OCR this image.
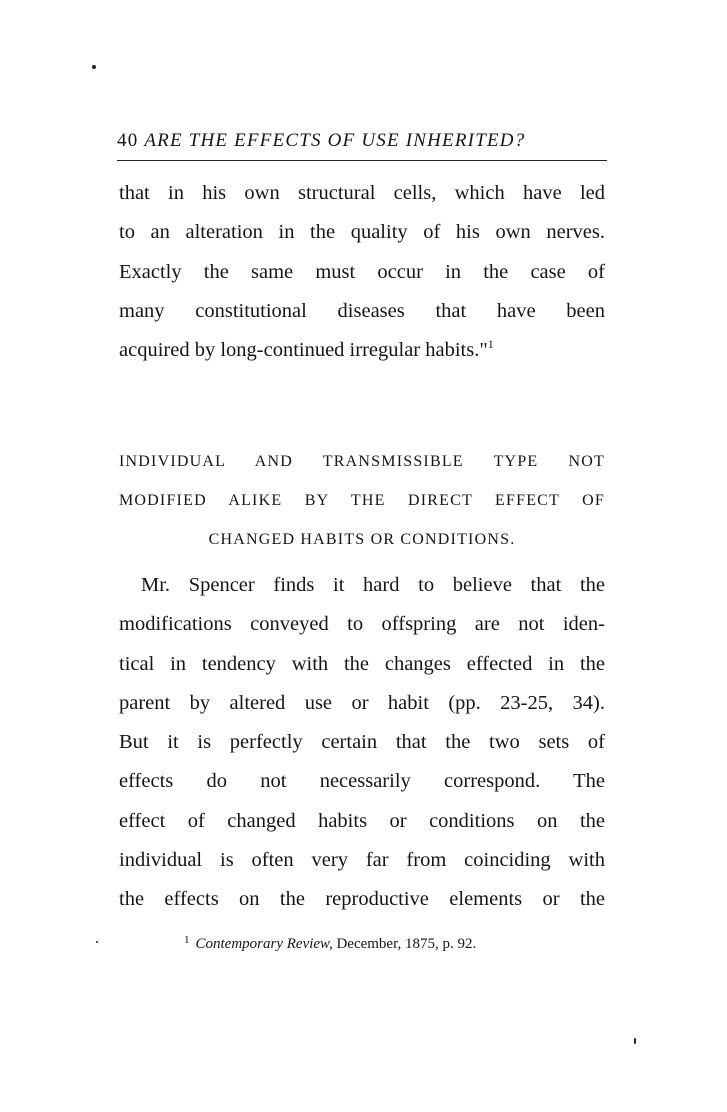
40 ARE THE EFFECTS OF USE INHERITED?
that in his own structural cells, which have led
to an alteration in the quality of his own nerves.
Exactly the same must occur in the case of
many constitutional diseases that have been
acquired by long-continued irregular habits."$^1$
INDIVIDUAL AND TRANSMISSIBLE TYPE NOT
MODIFIED ALIKE BY THE DIRECT EFFECT OF
CHANGED HABITS OR CONDITIONS.
Mr. Spencer finds it hard to believe that the
modifications conveyed to offspring are not iden-
tical in tendency with the changes effected in the
parent by altered use or habit (pp. 23-25, 34).
But it is perfectly certain that the two sets of
effects do not necessarily correspond. The
effect of changed habits or conditions on the
individual is often very far from coinciding with
the effects on the reproductive elements or the
$^1$ Contemporary Review, December, 1875, p. 92.
